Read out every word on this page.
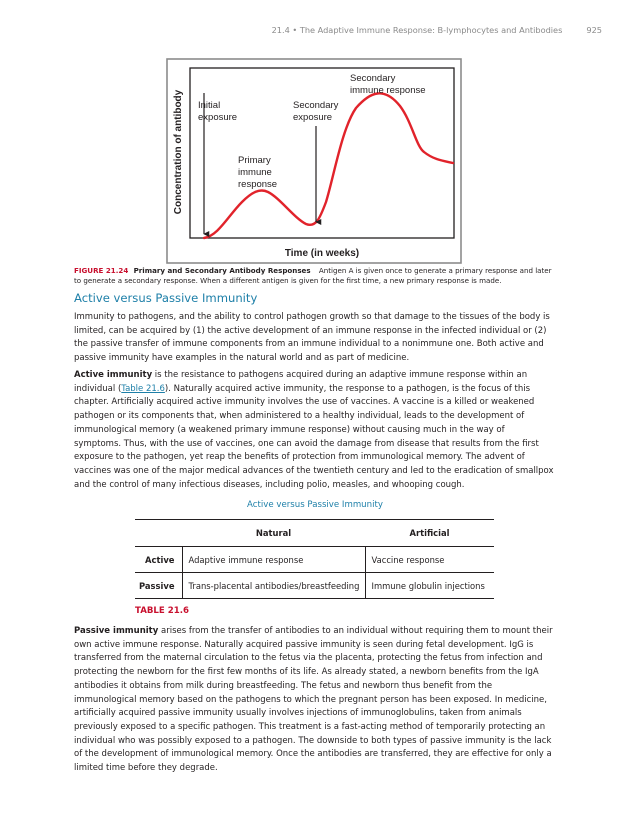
21.4 • The Adaptive Immune Response: B-lymphocytes and Antibodies	925
Concentration of antibody
Time (in weeks)
Initial
exposure
Secondary
exposure
Primary
immune
response
Secondary
immune response
FIGURE 21.24 Primary and Secondary Antibody Responses Antigen A is given once to generate a primary response and later to generate a secondary response. When a different antigen is given for the first time, a new primary response is made.
Active versus Passive Immunity

Immunity to pathogens, and the ability to control pathogen growth so that damage to the tissues of the body is limited, can be acquired by (1) the active development of an immune response in the infected individual or (2) the passive transfer of immune components from an immune individual to a nonimmune one. Both active and passive immunity have examples in the natural world and as part of medicine.

Active immunity is the resistance to pathogens acquired during an adaptive immune response within an individual (Table 21.6). Naturally acquired active immunity, the response to a pathogen, is the focus of this chapter. Artificially acquired active immunity involves the use of vaccines. A vaccine is a killed or weakened pathogen or its components that, when administered to a healthy individual, leads to the development of immunological memory (a weakened primary immune response) without causing much in the way of symptoms. Thus, with the use of vaccines, one can avoid the damage from disease that results from the first exposure to the pathogen, yet reap the benefits of protection from immunological memory. The advent of vaccines was one of the major medical advances of the twentieth century and led to the eradication of smallpox and the control of many infectious diseases, including polio, measles, and whooping cough.

Active versus Passive Immunity
	Natural	Artificial
Active	Adaptive immune response	Vaccine response
Passive	Trans-placental antibodies/breastfeeding	Immune globulin injections
TABLE 21.6

Passive immunity arises from the transfer of antibodies to an individual without requiring them to mount their own active immune response. Naturally acquired passive immunity is seen during fetal development. IgG is transferred from the maternal circulation to the fetus via the placenta, protecting the fetus from infection and protecting the newborn for the first few months of its life. As already stated, a newborn benefits from the IgA antibodies it obtains from milk during breastfeeding. The fetus and newborn thus benefit from the immunological memory based on the pathogens to which the pregnant person has been exposed. In medicine, artificially acquired passive immunity usually involves injections of immunoglobulins, taken from animals previously exposed to a specific pathogen. This treatment is a fast-acting method of temporarily protecting an individual who was possibly exposed to a pathogen. The downside to both types of passive immunity is the lack of the development of immunological memory. Once the antibodies are transferred, they are effective for only a limited time before they degrade.
